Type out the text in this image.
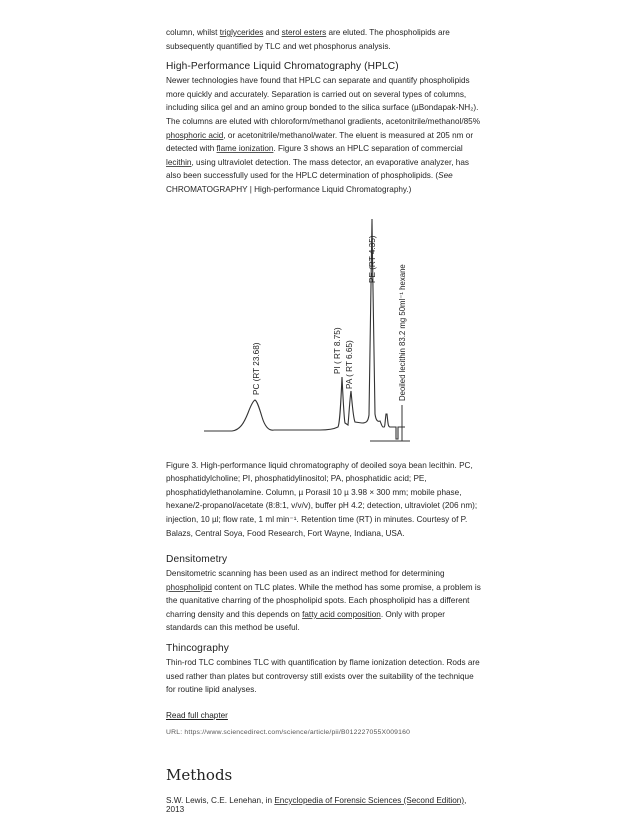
column, whilst triglycerides and sterol esters are eluted. The phospholipids are subsequently quantified by TLC and wet phosphorus analysis.

High-Performance Liquid Chromatography (HPLC)

Newer technologies have found that HPLC can separate and quantify phospholipids more quickly and accurately. Separation is carried out on several types of columns, including silica gel and an amino group bonded to the silica surface (µBondapak-NH₂). The columns are eluted with chloroform/methanol gradients, acetonitrile/methanol/85% phosphoric acid, or acetonitrile/methanol/water. The eluent is measured at 205 nm or detected with flame ionization. Figure 3 shows an HPLC separation of commercial lecithin, using ultraviolet detection. The mass detector, an evaporative analyzer, has also been successfully used for the HPLC determination of phospholipids. (See CHROMATOGRAPHY | High-performance Liquid Chromatography.)

PC (RT 23.68)	PI ( RT 8.75) PA ( RT 6.65)
PE (RT 4.35)
Deoiled lecithin 83.2 mg 50ml⁻¹ hexane

Figure 3. High-performance liquid chromatography of deoiled soya bean lecithin. PC, phosphatidylcholine; PI, phosphatidylinositol; PA, phosphatidic acid; PE, phosphatidylethanolamine. Column, µ Porasil 10 µ 3.98 × 300 mm; mobile phase, hexane/2-propanol/acetate (8:8:1, v/v/v), buffer pH 4.2; detection, ultraviolet (206 nm); injection, 10 µl; flow rate, 1 ml min⁻¹. Retention time (RT) in minutes. Courtesy of P. Balazs, Central Soya, Food Research, Fort Wayne, Indiana, USA.

Densitometry

Densitometric scanning has been used as an indirect method for determining phospholipid content on TLC plates. While the method has some promise, a problem is the quanitative charring of the phospholipid spots. Each phospholipid has a different charring density and this depends on fatty acid composition. Only with proper standards can this method be useful.

Thincography

Thin-rod TLC combines TLC with quantification by flame ionization detection. Rods are used rather than plates but controversy still exists over the suitability of the technique for routine lipid analyses.

Read full chapter
URL: https://www.sciencedirect.com/science/article/pii/B012227055X009160
Methods
S.W. Lewis, C.E. Lenehan, in Encyclopedia of Forensic Sciences (Second Edition), 2013
